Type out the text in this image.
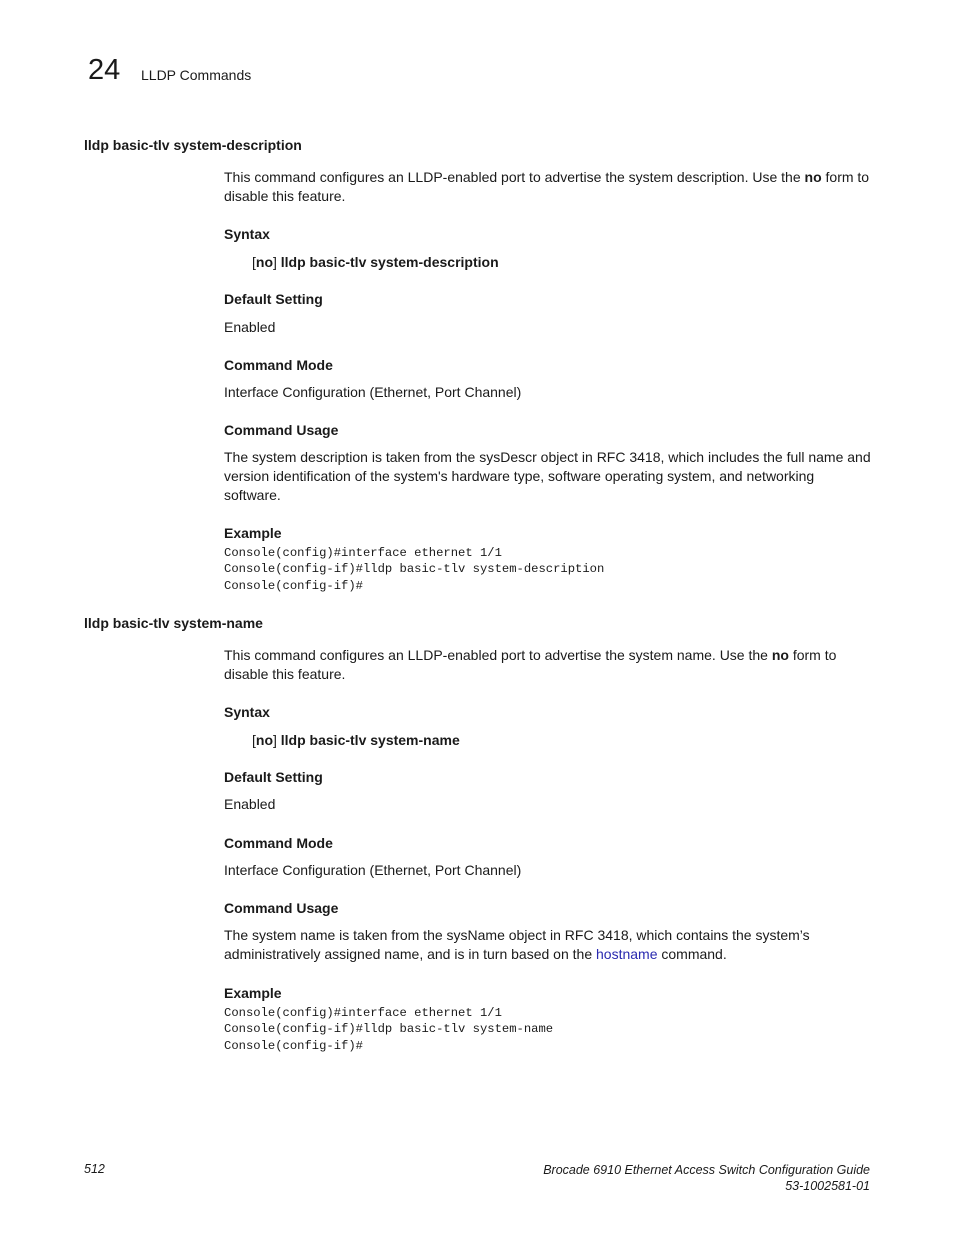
24 LLDP Commands
lldp basic-tlv system-description

This command configures an LLDP-enabled port to advertise the system description. Use the no form to disable this feature.

Syntax

[no] lldp basic-tlv system-description

Default Setting

Enabled

Command Mode

Interface Configuration (Ethernet, Port Channel)

Command Usage

The system description is taken from the sysDescr object in RFC 3418, which includes the full name and version identification of the system's hardware type, software operating system, and networking software.

Example

Console(config)#interface ethernet 1/1

Console(config-if)#lldp basic-tlv system-description

Console(config-if)#

lldp basic-tlv system-name

This command configures an LLDP-enabled port to advertise the system name. Use the no form to disable this feature.

Syntax

[no] lldp basic-tlv system-name

Default Setting

Enabled

Command Mode

Interface Configuration (Ethernet, Port Channel)

Command Usage

The system name is taken from the sysName object in RFC 3418, which contains the system’s administratively assigned name, and is in turn based on the hostname command.

Example

Console(config)#interface ethernet 1/1

Console(config-if)#lldp basic-tlv system-name

Console(config-if)#

512	Brocade 6910 Ethernet Access Switch Configuration Guide
53-1002581-01
